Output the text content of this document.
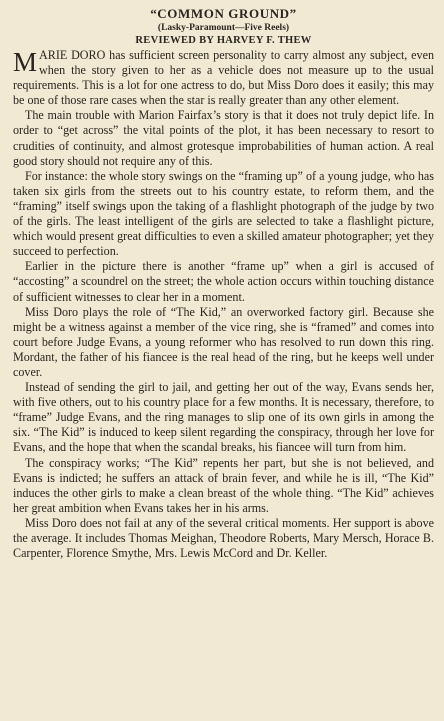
“COMMON GROUND”

(Lasky-Paramount—Five Reels)

REVIEWED BY HARVEY F. THEW

MARIE DORO has sufficient screen personality to carry almost any subject, even when the story given to her as a vehicle does not measure up to the usual requirements. This is a lot for one actress to do, but Miss Doro does it easily; this may be one of those rare cases when the star is really greater than any other element.

The main trouble with Marion Fairfax’s story is that it does not truly depict life. In order to “get across” the vital points of the plot, it has been necessary to resort to crudities of continuity, and almost grotesque improbabilities of human action. A real good story should not require any of this.

For instance: the whole story swings on the “framing up” of a young judge, who has taken six girls from the streets out to his country estate, to reform them, and the “framing” itself swings upon the taking of a flashlight photograph of the judge by two of the girls. The least intelligent of the girls are selected to take a flashlight picture, which would present great difficulties to even a skilled amateur photographer; yet they succeed to perfection.

Earlier in the picture there is another “frame up” when a girl is accused of “accosting” a scoundrel on the street; the whole action occurs within touching distance of sufficient witnesses to clear her in a moment.

Miss Doro plays the role of “The Kid,” an overworked factory girl. Because she might be a witness against a member of the vice ring, she is “framed” and comes into court before Judge Evans, a young reformer who has resolved to run down this ring. Mordant, the father of his fiancee is the real head of the ring, but he keeps well under cover.

Instead of sending the girl to jail, and getting her out of the way, Evans sends her, with five others, out to his country place for a few months. It is necessary, therefore, to “frame” Judge Evans, and the ring manages to slip one of its own girls in among the six. “The Kid” is induced to keep silent regarding the conspiracy, through her love for Evans, and the hope that when the scandal breaks, his fiancee will turn from him.

The conspiracy works; “The Kid” repents her part, but she is not believed, and Evans is indicted; he suffers an attack of brain fever, and while he is ill, “The Kid” induces the other girls to make a clean breast of the whole thing. “The Kid” achieves her great ambition when Evans takes her in his arms.

Miss Doro does not fail at any of the several critical moments. Her support is above the average. It includes Thomas Meighan, Theodore Roberts, Mary Mersch, Horace B. Carpenter, Florence Smythe, Mrs. Lewis McCord and Dr. Keller.
